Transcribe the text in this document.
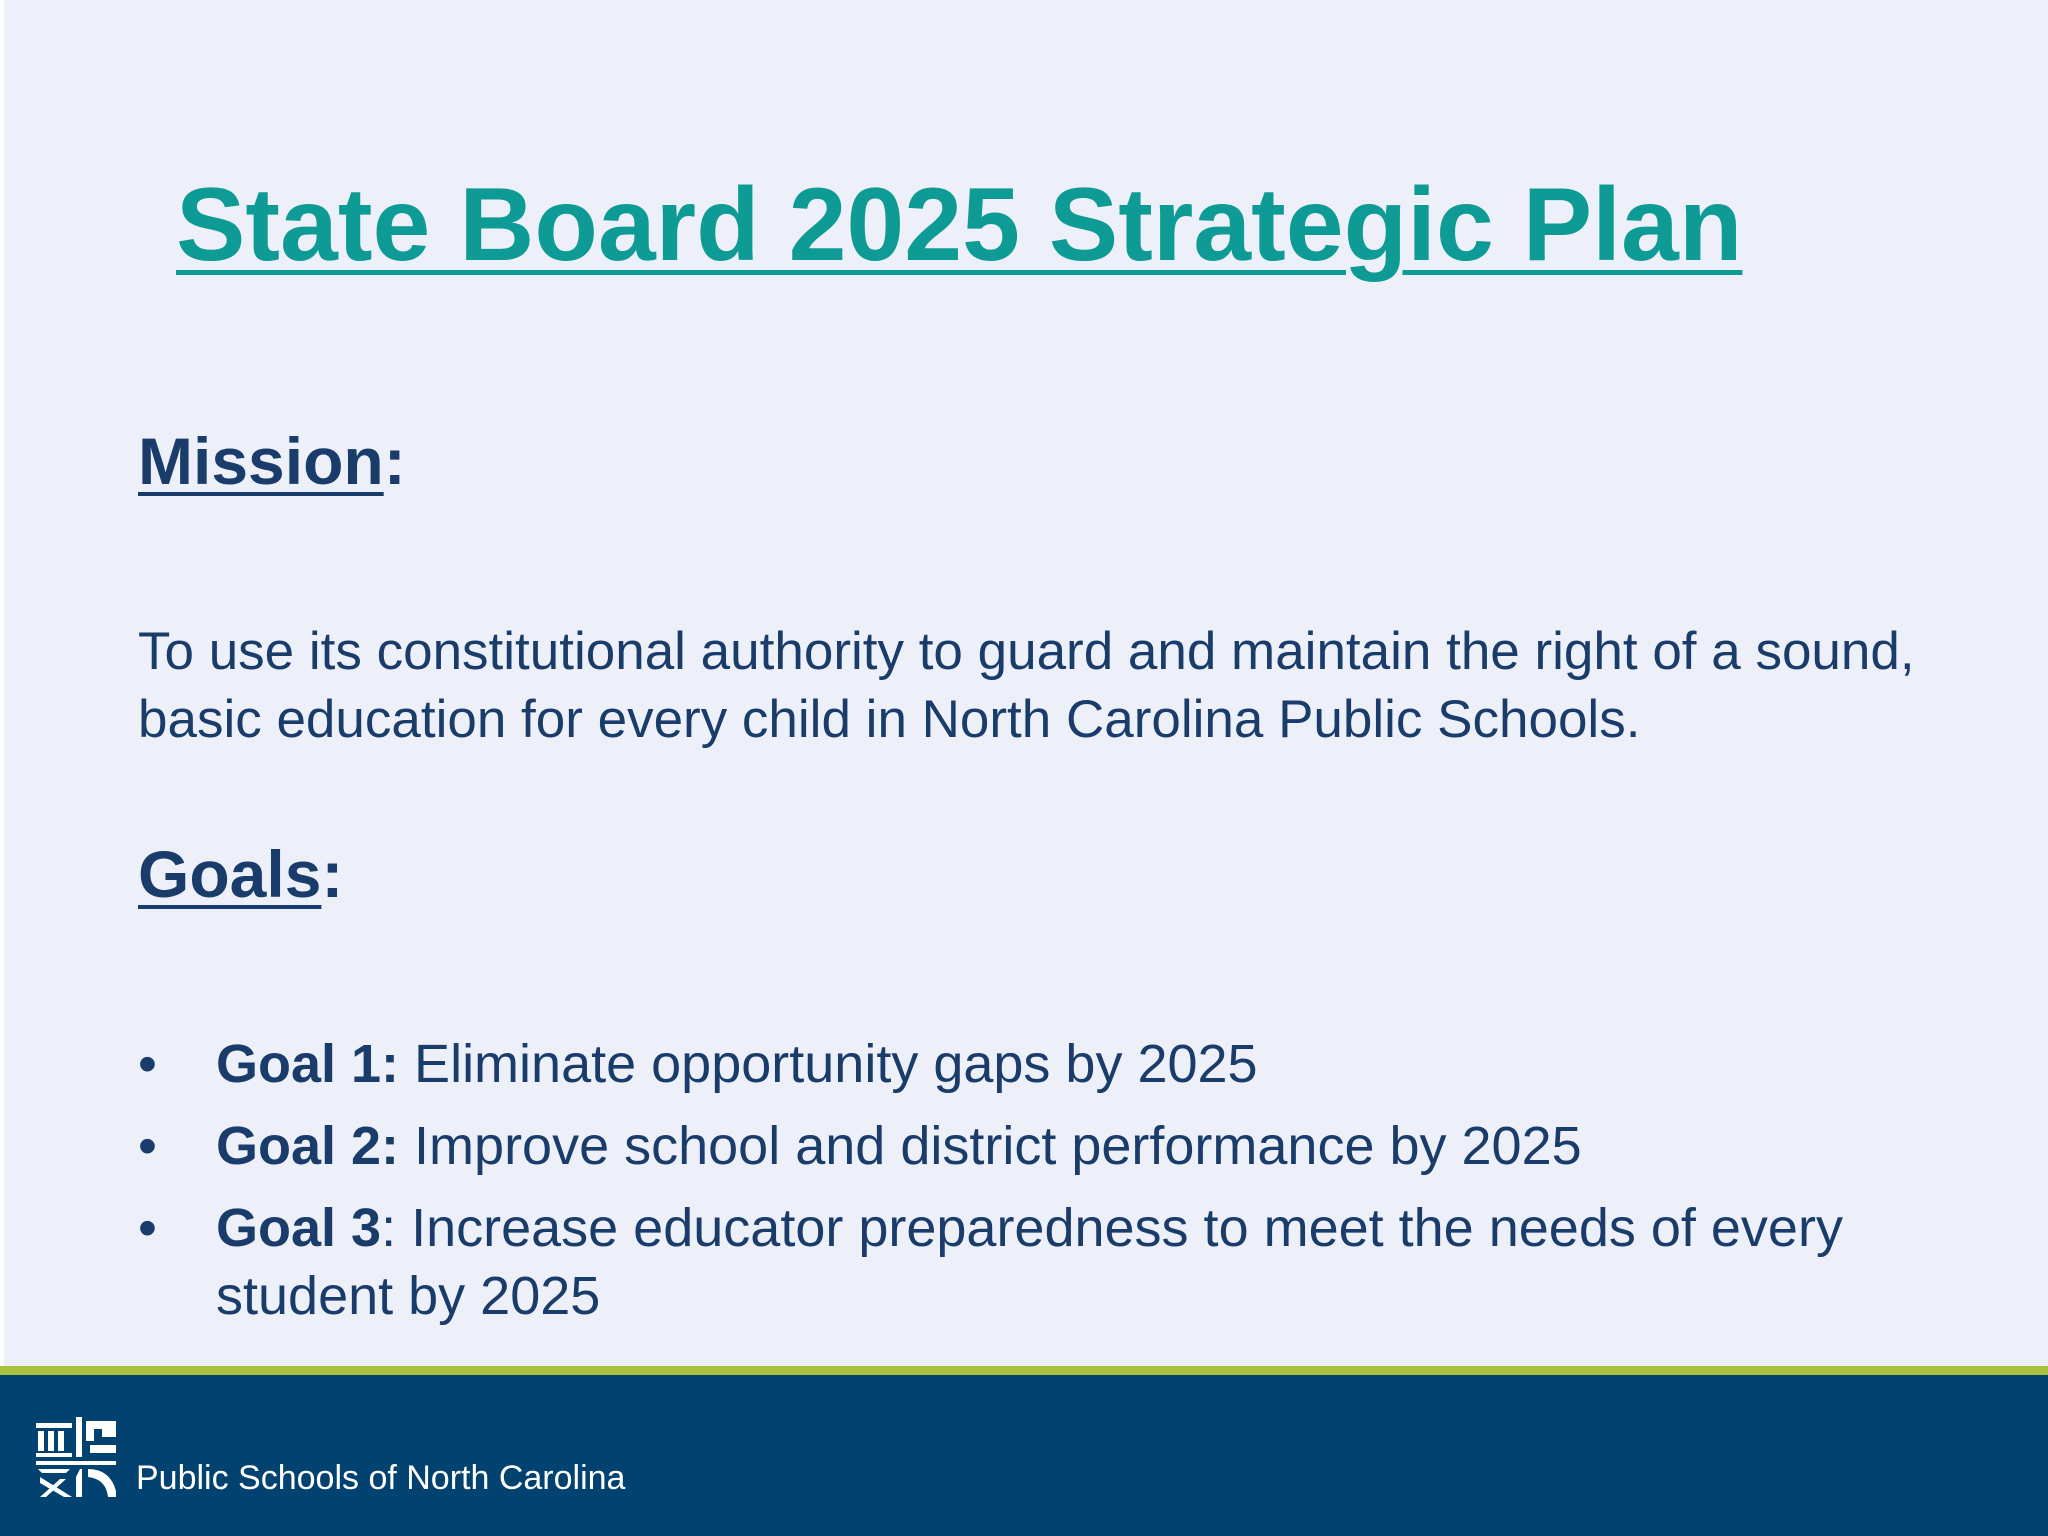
State Board 2025 Strategic Plan
Mission:

To use its constitutional authority to guard and maintain the right of a sound, basic education for every child in North Carolina Public Schools.

Goals:
• Goal 1: Eliminate opportunity gaps by 2025
• Goal 2: Improve school and district performance by 2025
• Goal 3: Increase educator preparedness to meet the needs of every student by 2025
Public Schools of North Carolina
